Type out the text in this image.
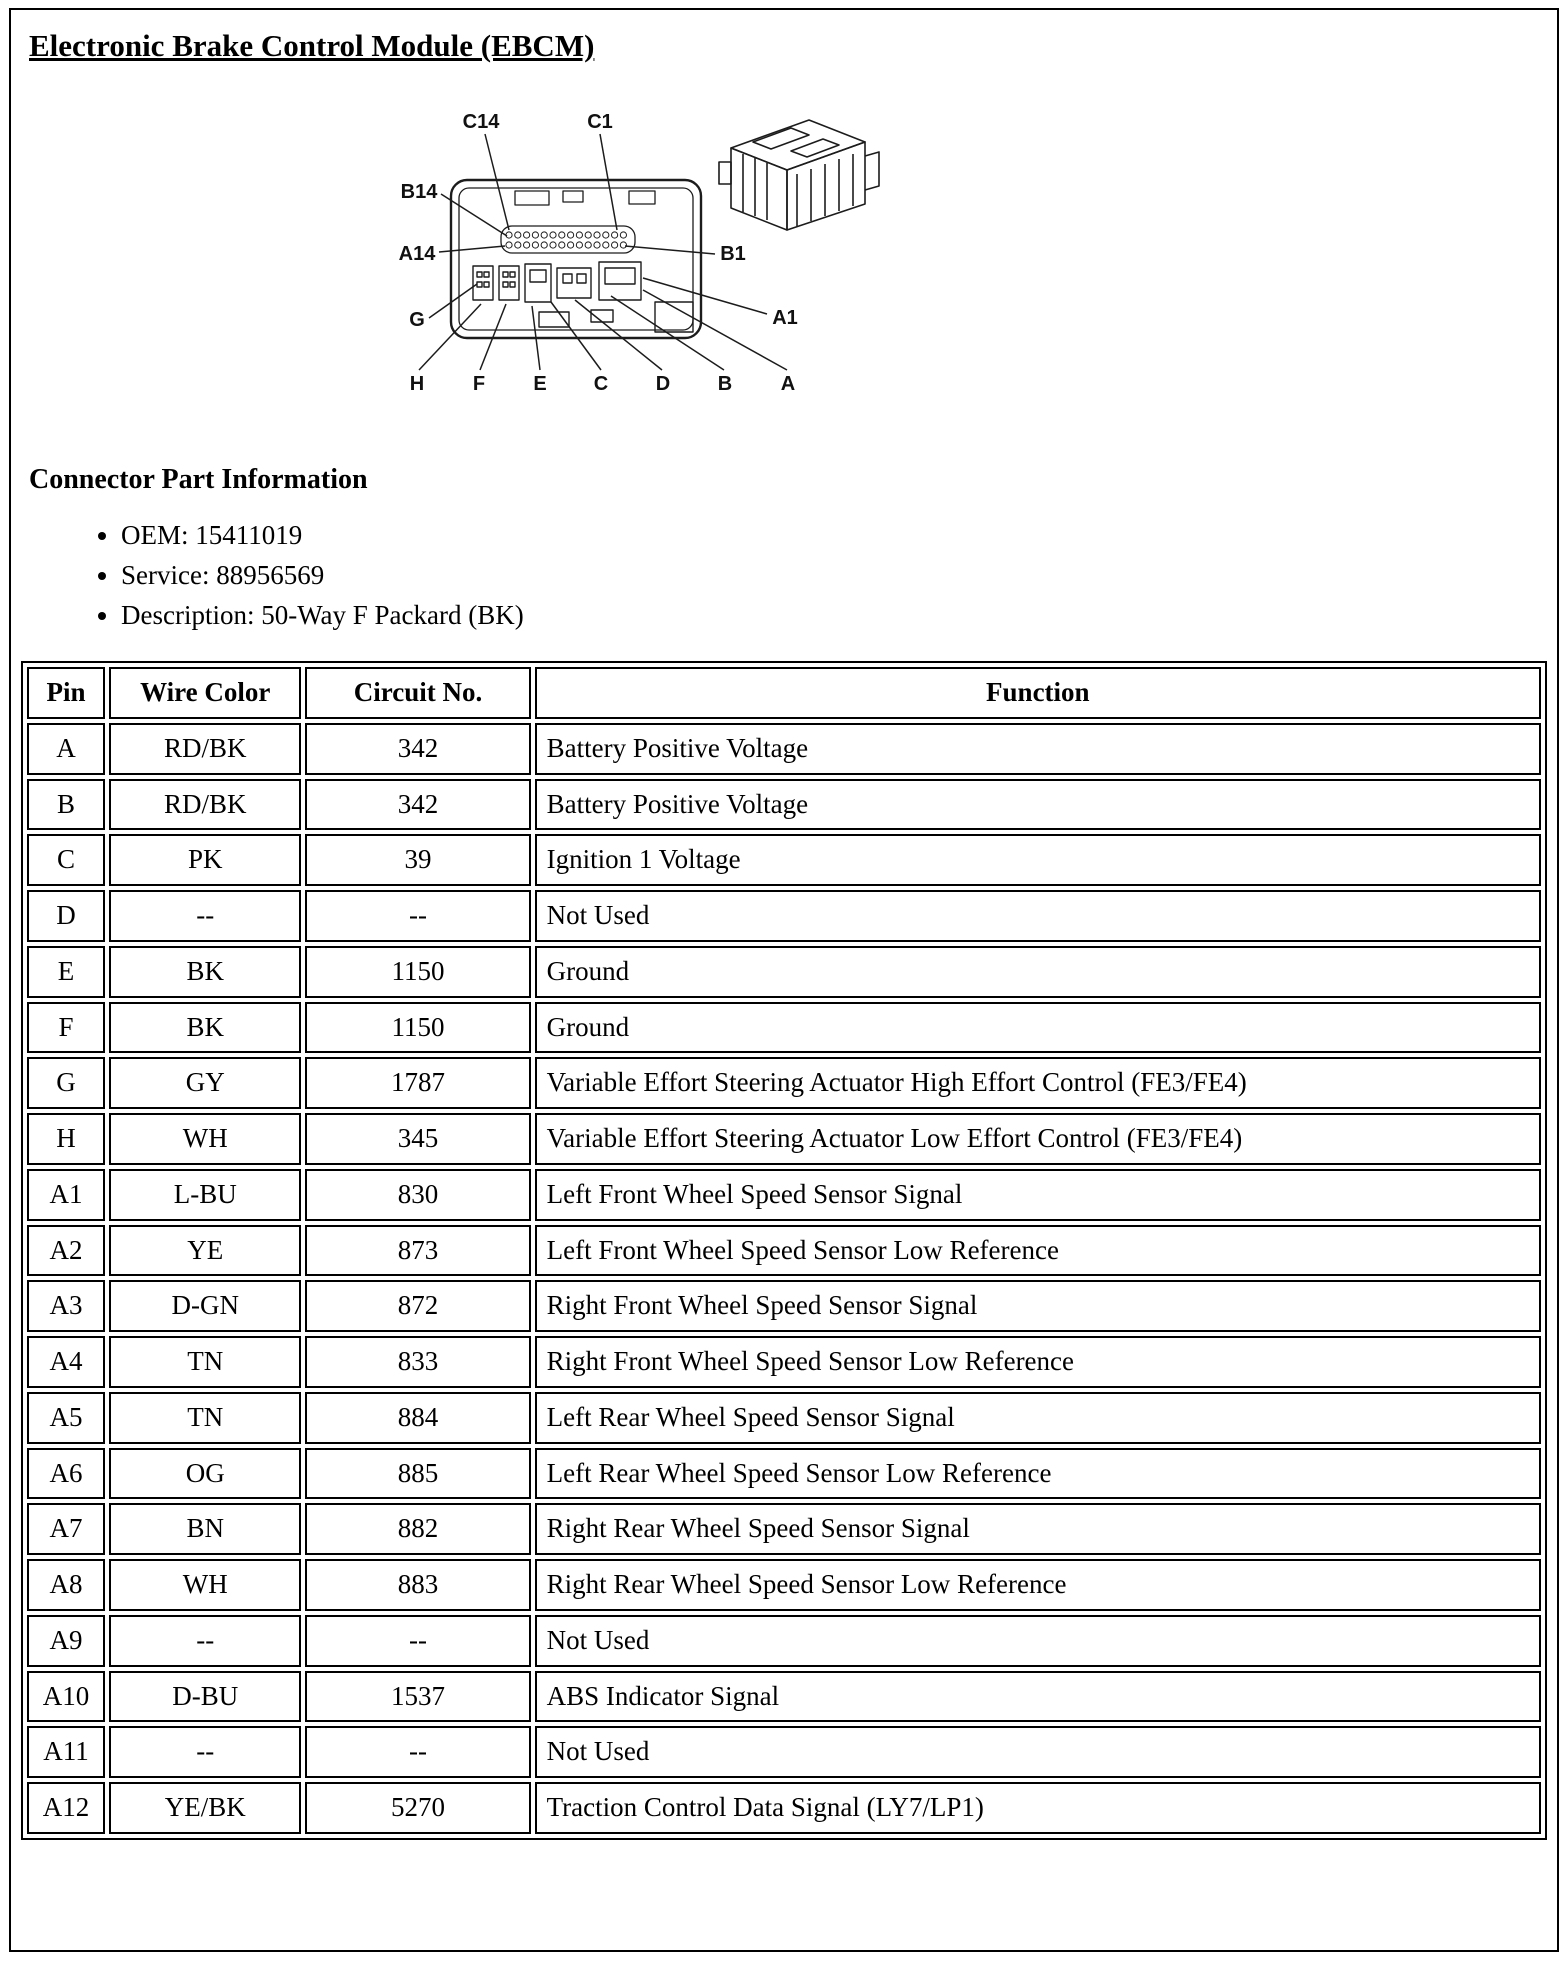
Electronic Brake Control Module (EBCM)
C14	C1
B14
A14	B1
A1
G
H F E C D B A
Connector Part Information
• OEM: 15411019
• Service: 88956569
• Description: 50-Way F Packard (BK)
Pin	Wire Color	Circuit No.	Function
A	RD/BK	342	Battery Positive Voltage
B	RD/BK	342	Battery Positive Voltage
C	PK	39	Ignition 1 Voltage
D	--	--	Not Used
E	BK	1150	Ground
F	BK	1150	Ground
G	GY	1787	Variable Effort Steering Actuator High Effort Control (FE3/FE4)
H	WH	345	Variable Effort Steering Actuator Low Effort Control (FE3/FE4)
A1	L-BU	830	Left Front Wheel Speed Sensor Signal
A2	YE	873	Left Front Wheel Speed Sensor Low Reference
A3	D-GN	872	Right Front Wheel Speed Sensor Signal
A4	TN	833	Right Front Wheel Speed Sensor Low Reference
A5	TN	884	Left Rear Wheel Speed Sensor Signal
A6	OG	885	Left Rear Wheel Speed Sensor Low Reference
A7	BN	882	Right Rear Wheel Speed Sensor Signal
A8	WH	883	Right Rear Wheel Speed Sensor Low Reference
A9	--	--	Not Used
A10	D-BU	1537	ABS Indicator Signal
A11	--	--	Not Used
A12	YE/BK	5270	Traction Control Data Signal (LY7/LP1)
